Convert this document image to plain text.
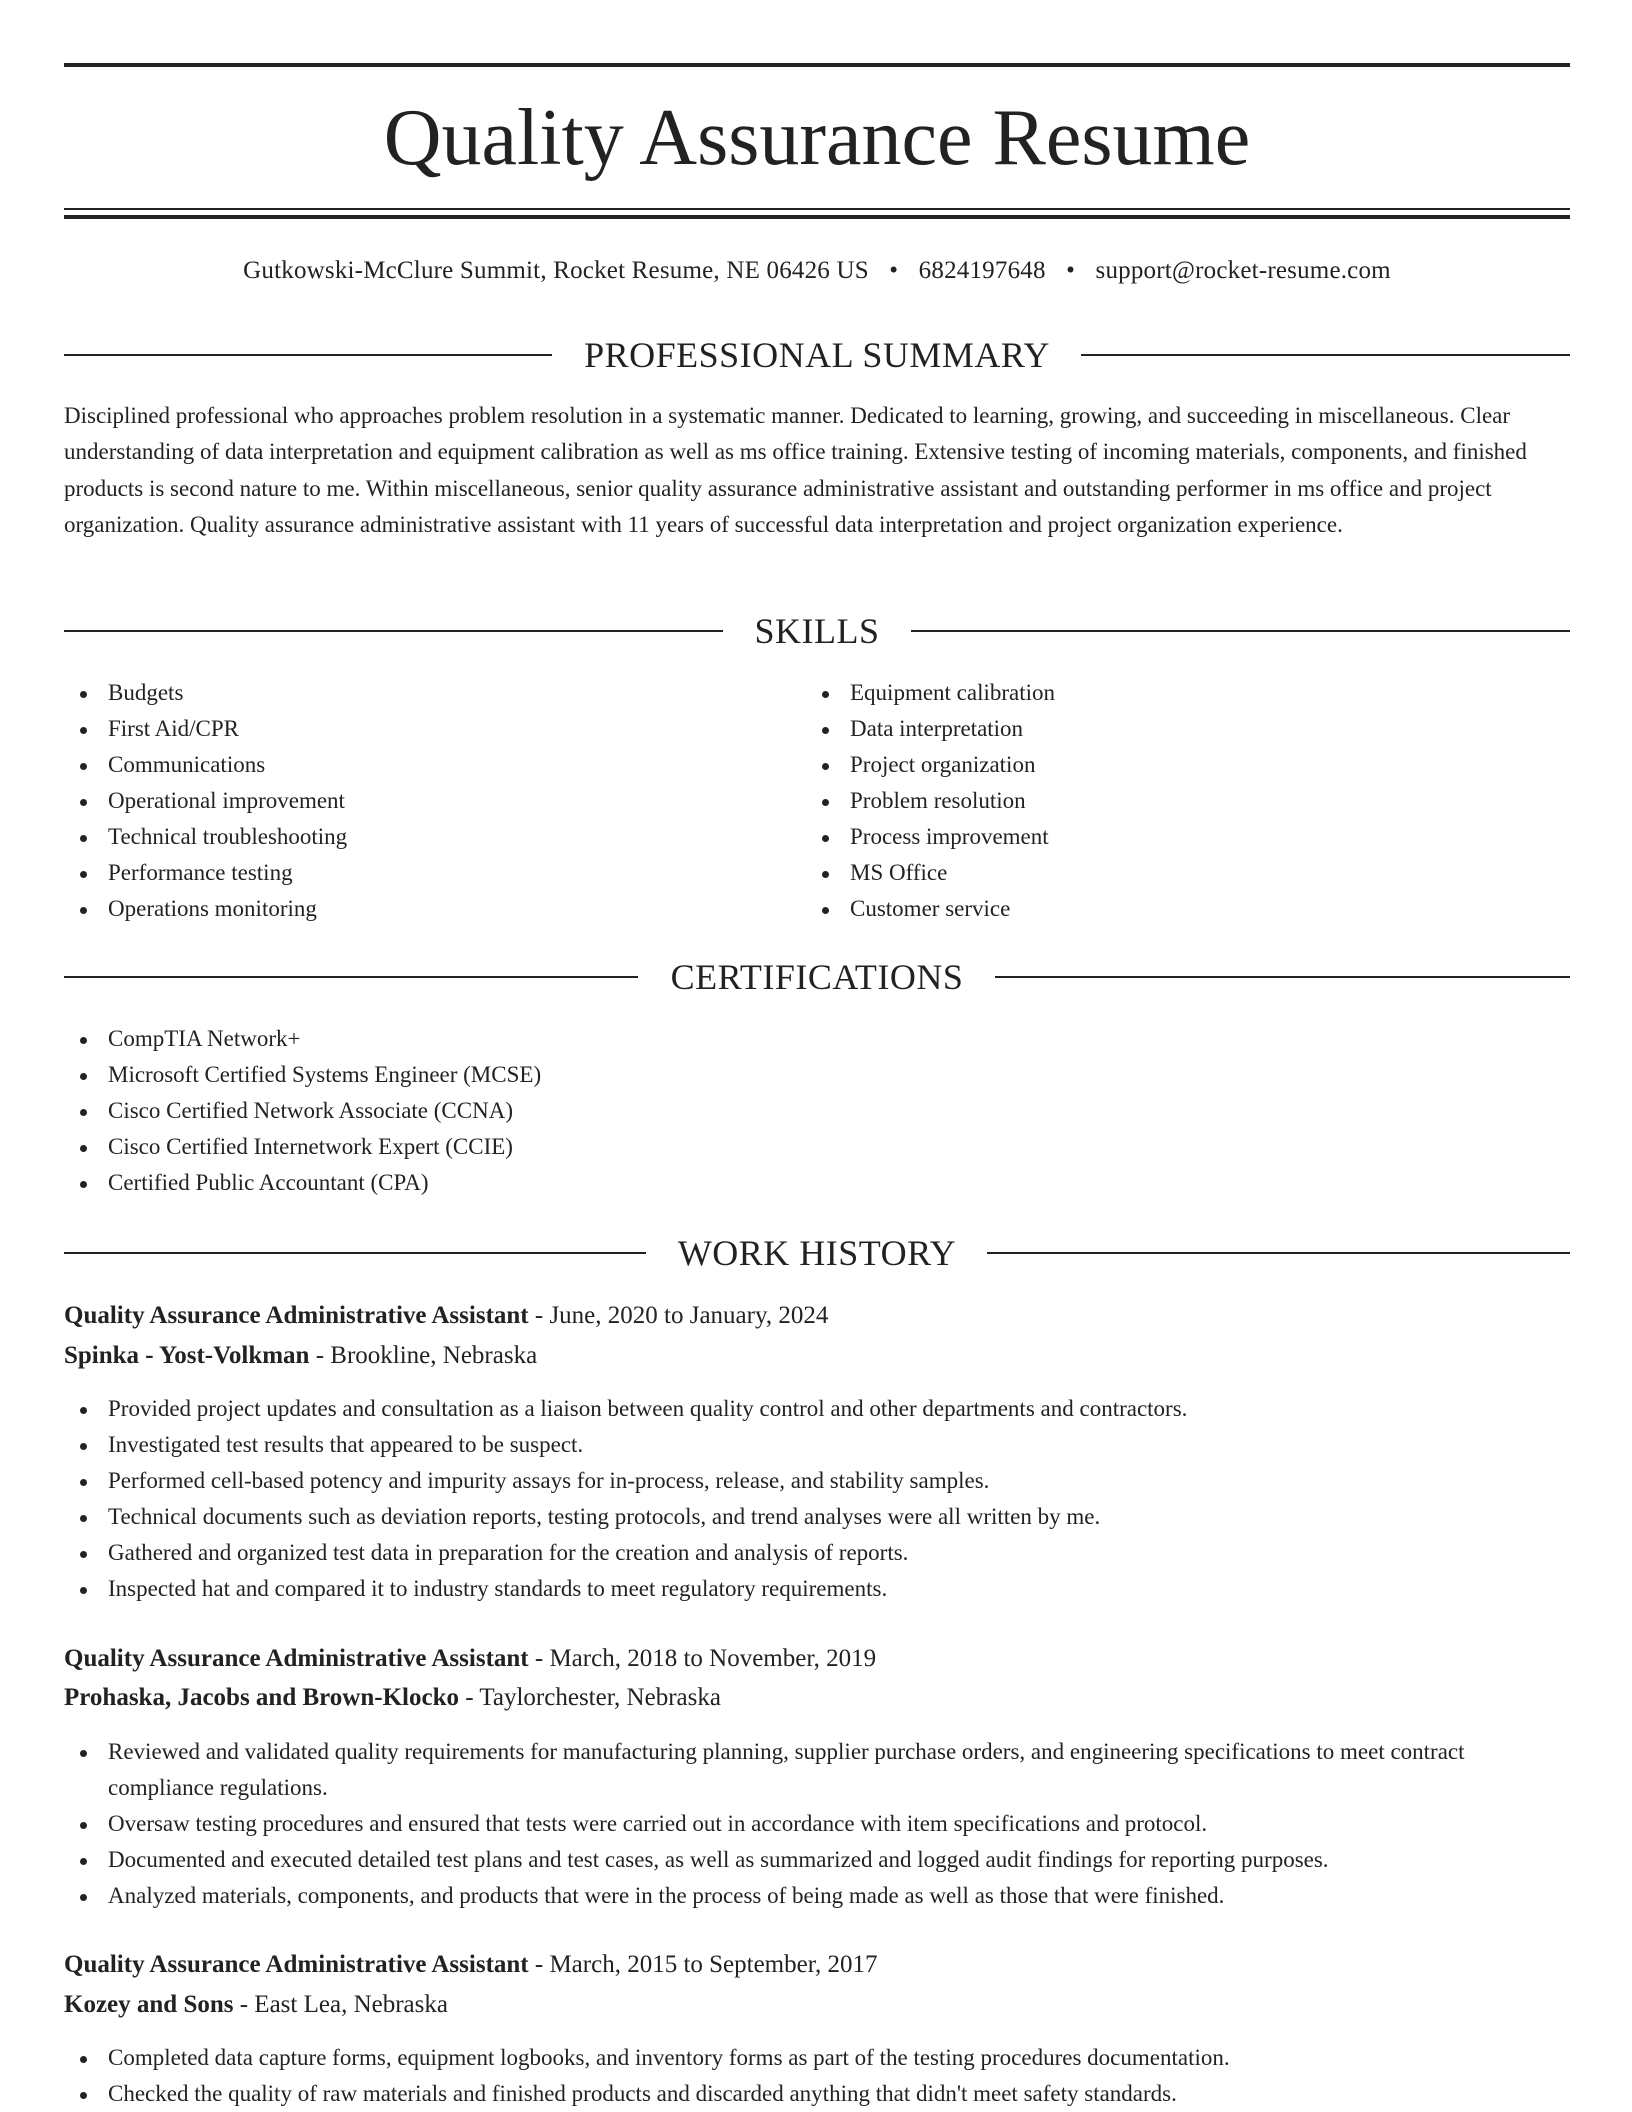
Quality Assurance Resume
Gutkowski-McClure Summit, Rocket Resume, NE 06426 US • 6824197648 • support@rocket-resume.com
PROFESSIONAL SUMMARY

Disciplined professional who approaches problem resolution in a systematic manner. Dedicated to learning, growing, and succeeding in miscellaneous. Clear understanding of data interpretation and equipment calibration as well as ms office training. Extensive testing of incoming materials, components, and finished products is second nature to me. Within miscellaneous, senior quality assurance administrative assistant and outstanding performer in ms office and project organization. Quality assurance administrative assistant with 11 years of successful data interpretation and project organization experience.

SKILLS
Budgets
First Aid/CPR
Communications
Operational improvement
Technical troubleshooting
Performance testing
Operations monitoring
Equipment calibration
Data interpretation
Project organization
Problem resolution
Process improvement
MS Office
Customer service
CERTIFICATIONS
CompTIA Network+
Microsoft Certified Systems Engineer (MCSE)
Cisco Certified Network Associate (CCNA)
Cisco Certified Internetwork Expert (CCIE)
Certified Public Accountant (CPA)
WORK HISTORY
Quality Assurance Administrative Assistant - June, 2020 to January, 2024
Spinka - Yost-Volkman - Brookline, Nebraska
Provided project updates and consultation as a liaison between quality control and other departments and contractors.
Investigated test results that appeared to be suspect.
Performed cell-based potency and impurity assays for in-process, release, and stability samples.
Technical documents such as deviation reports, testing protocols, and trend analyses were all written by me.
Gathered and organized test data in preparation for the creation and analysis of reports.
Inspected hat and compared it to industry standards to meet regulatory requirements.
Quality Assurance Administrative Assistant - March, 2018 to November, 2019
Prohaska, Jacobs and Brown-Klocko - Taylorchester, Nebraska
Reviewed and validated quality requirements for manufacturing planning, supplier purchase orders, and engineering specifications to meet contract compliance regulations.
Oversaw testing procedures and ensured that tests were carried out in accordance with item specifications and protocol.
Documented and executed detailed test plans and test cases, as well as summarized and logged audit findings for reporting purposes.
Analyzed materials, components, and products that were in the process of being made as well as those that were finished.
Quality Assurance Administrative Assistant - March, 2015 to September, 2017
Kozey and Sons - East Lea, Nebraska
Completed data capture forms, equipment logbooks, and inventory forms as part of the testing procedures documentation.
Checked the quality of raw materials and finished products and discarded anything that didn't meet safety standards.
